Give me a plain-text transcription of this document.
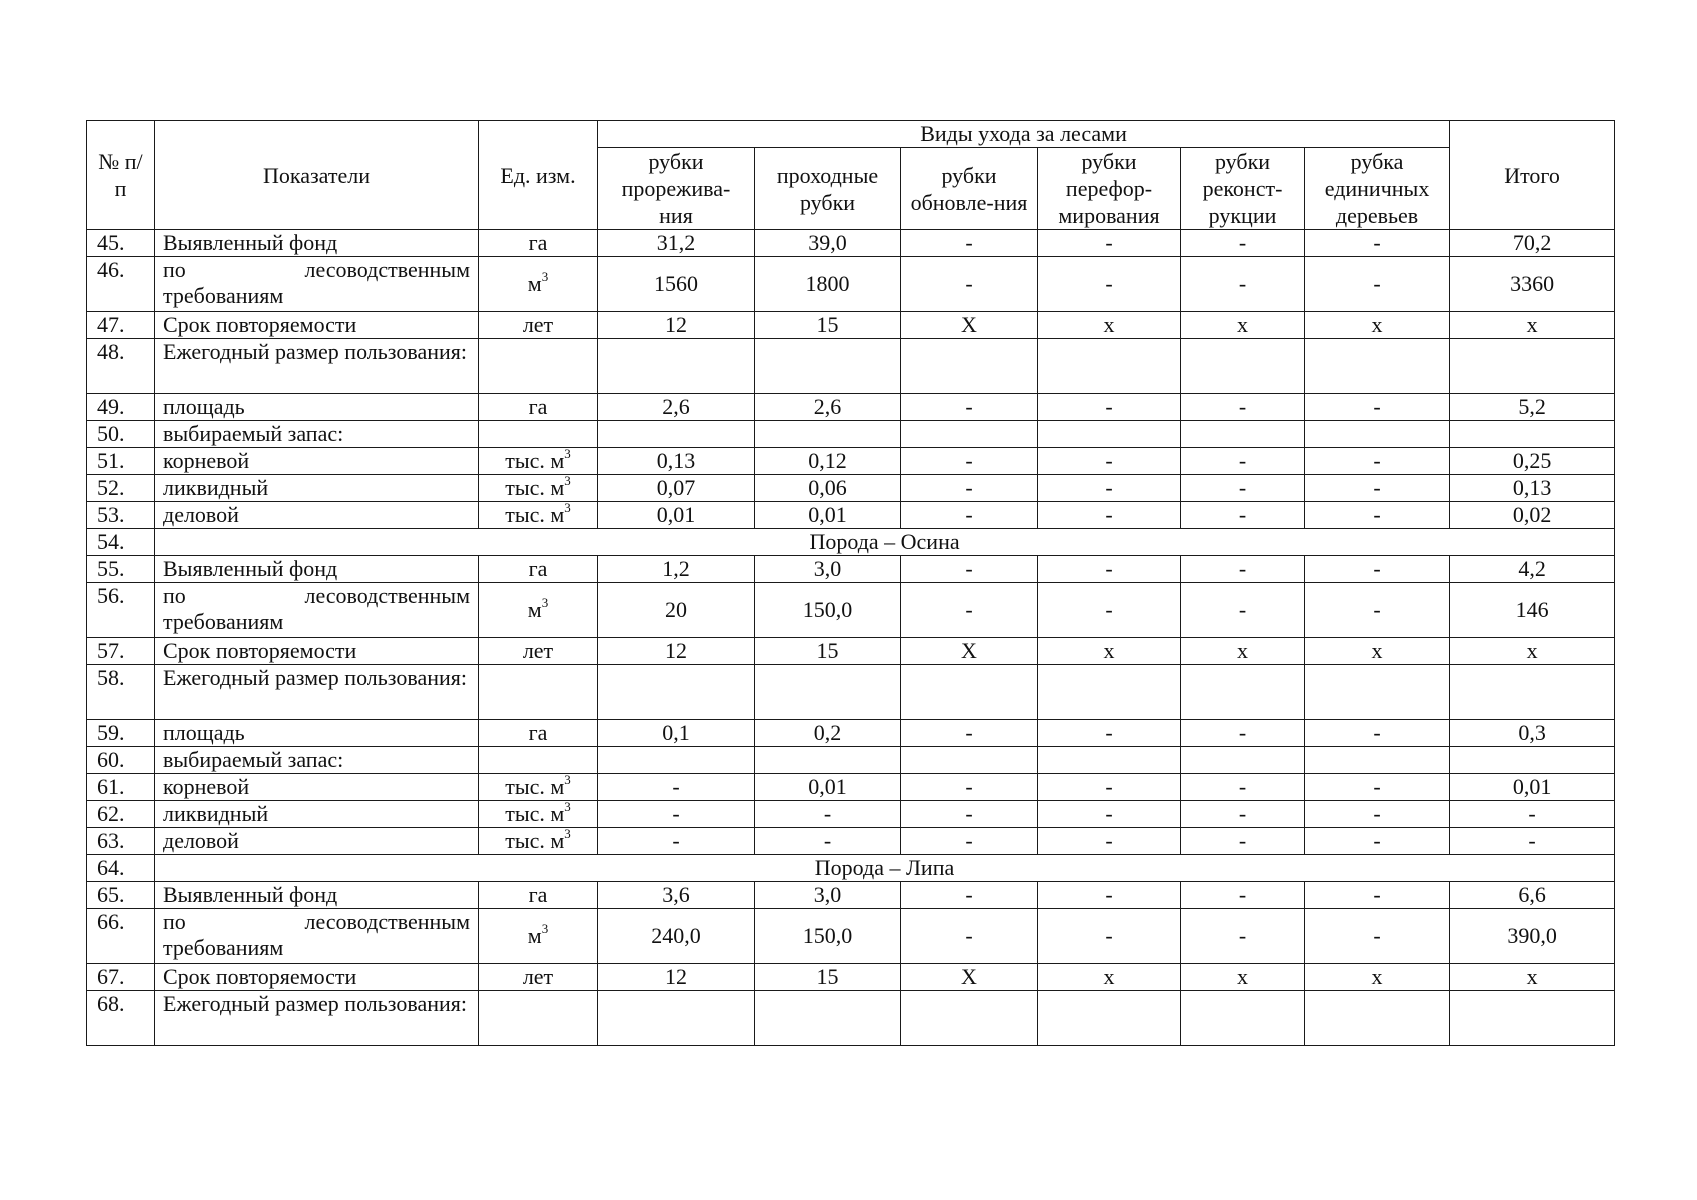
№ п/п	Показатели	Ед. изм.	Виды ухода за лесами						Итого
			рубки прорежива-ния	проходные рубки	рубки обновле-ния	рубки перефор-мирования	рубки реконст-рукции	рубка единичных деревьев	
45.	Выявленный фонд	га	31,2	39,0	-	-	-	-	70,2
46.	по лесоводственным требованиям	$м^3$	1560	1800	-	-	-	-	3360
47.	Срок повторяемости	лет	12	15	Х	х	х	х	х
48.	Ежегодный размер пользования:								
49.	площадь	га	2,6	2,6	-	-	-	-	5,2
50.	выбираемый запас:								
51.	корневой	тыс. $м^3$	0,13	0,12	-	-	-	-	0,25
52.	ликвидный	тыс. $м^3$	0,07	0,06	-	-	-	-	0,13
53.	деловой	тыс. $м^3$	0,01	0,01	-	-	-	-	0,02
54.	Порода – Осина								
55.	Выявленный фонд	га	1,2	3,0	-	-	-	-	4,2
56.	по лесоводственным требованиям	$м^3$	20	150,0	-	-	-	-	146
57.	Срок повторяемости	лет	12	15	Х	х	х	х	х
58.	Ежегодный размер пользования:								
59.	площадь	га	0,1	0,2	-	-	-	-	0,3
60.	выбираемый запас:								
61.	корневой	тыс. $м^3$	-	0,01	-	-	-	-	0,01
62.	ликвидный	тыс. $м^3$	-	-	-	-	-	-	-
63.	деловой	тыс. $м^3$	-	-	-	-	-	-	-
64.	Порода – Липа								
65.	Выявленный фонд	га	3,6	3,0	-	-	-	-	6,6
66.	по лесоводственным требованиям	$м^3$	240,0	150,0	-	-	-	-	390,0
67.	Срок повторяемости	лет	12	15	Х	х	х	х	х
68.	Ежегодный размер пользования:								
